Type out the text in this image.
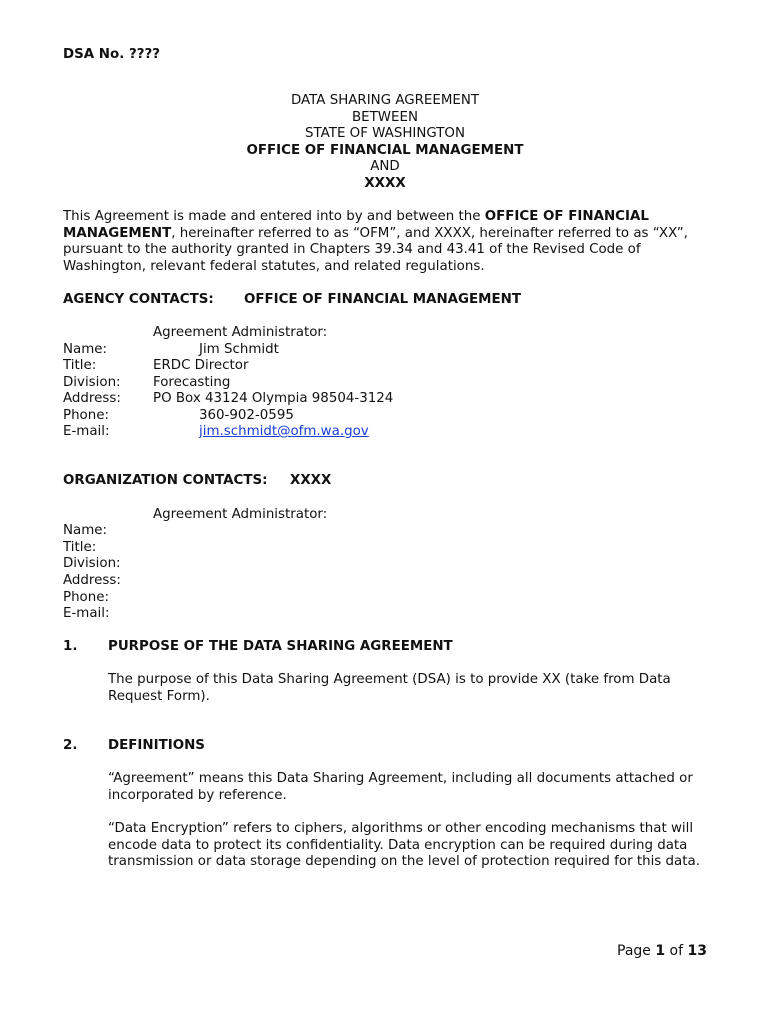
DSA No. ????
DATA SHARING AGREEMENT
BETWEEN
STATE OF WASHINGTON
OFFICE OF FINANCIAL MANAGEMENT
AND
XXXX
This Agreement is made and entered into by and between the OFFICE OF FINANCIAL MANAGEMENT, hereinafter referred to as “OFM”, and XXXX, hereinafter referred to as “XX”, pursuant to the authority granted in Chapters 39.34 and 43.41 of the Revised Code of Washington, relevant federal statutes, and related regulations.
AGENCY CONTACTS: OFFICE OF FINANCIAL MANAGEMENT
Agreement Administrator:
Name:	Jim Schmidt
Title:	ERDC Director
Division: Forecasting
Address: PO Box 43124 Olympia 98504-3124
Phone:	360-902-0595
E-mail:	jim.schmidt@ofm.wa.gov
ORGANIZATION CONTACTS: XXXX
Agreement Administrator:
Name:
Title:
Division:
Address:
Phone:
E-mail:
1. PURPOSE OF THE DATA SHARING AGREEMENT
The purpose of this Data Sharing Agreement (DSA) is to provide XX (take from Data Request Form).
2. DEFINITIONS
“Agreement” means this Data Sharing Agreement, including all documents attached or incorporated by reference.
“Data Encryption” refers to ciphers, algorithms or other encoding mechanisms that will encode data to protect its confidentiality. Data encryption can be required during data transmission or data storage depending on the level of protection required for this data.
Page 1 of 13
